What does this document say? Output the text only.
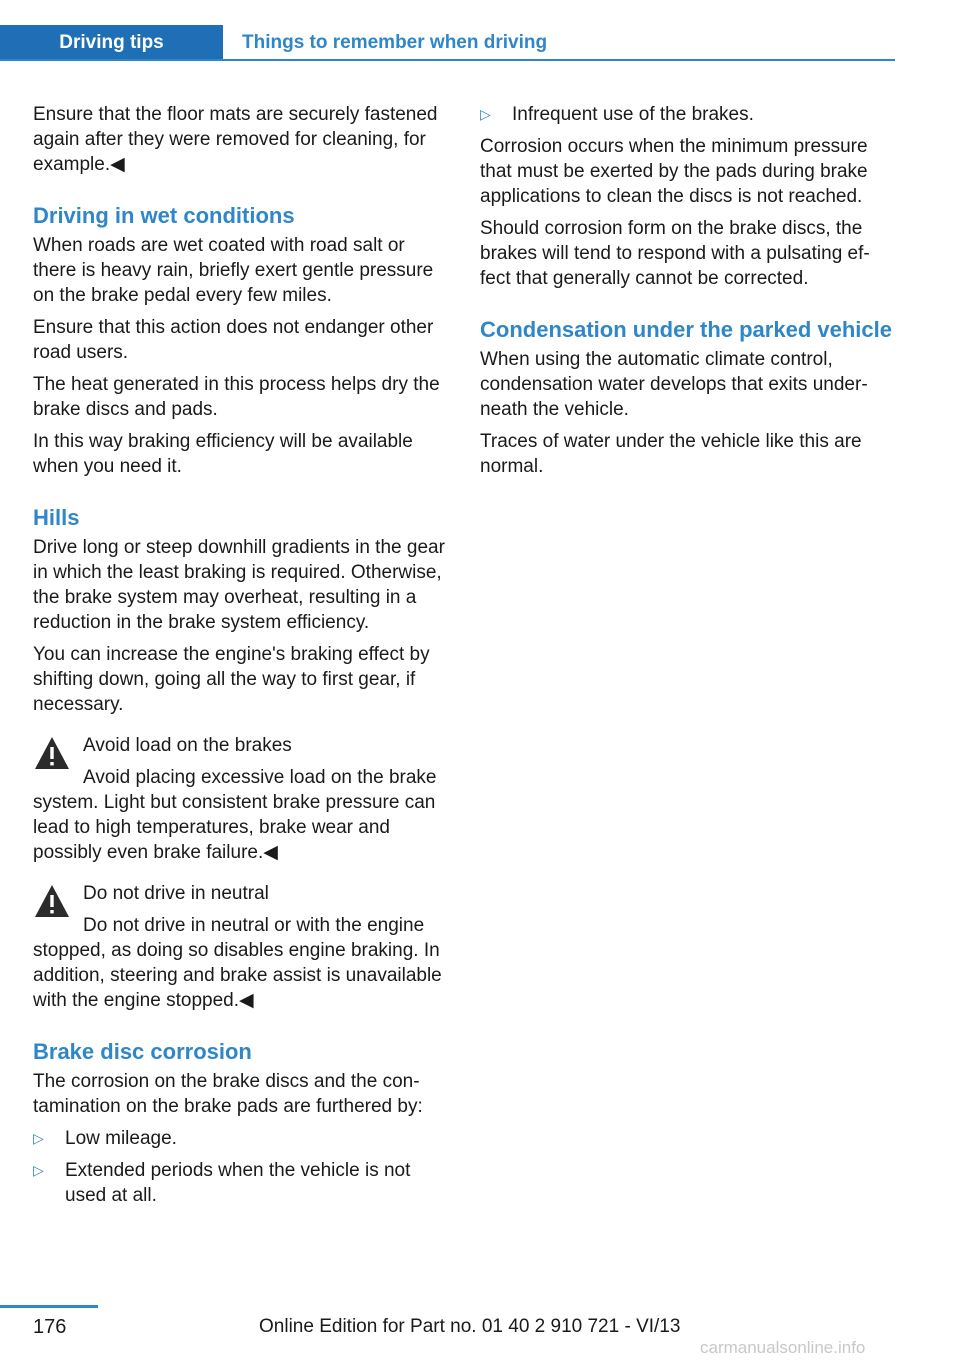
Driving tips	Things to remember when driving

Ensure that the floor mats are securely fastened again after they were removed for cleaning, for example.◀

Driving in wet conditions

When roads are wet coated with road salt or there is heavy rain, briefly exert gentle pressure on the brake pedal every few miles.

Ensure that this action does not endanger other road users.

The heat generated in this process helps dry the brake discs and pads.

In this way braking efficiency will be available when you need it.

Hills

Drive long or steep downhill gradients in the gear in which the least braking is required. Otherwise, the brake system may overheat, resulting in a reduction in the brake system efficiency.

You can increase the engine's braking effect by shifting down, going all the way to first gear, if necessary.

Avoid load on the brakes

Avoid placing excessive load on the brake system. Light but consistent brake pressure can lead to high temperatures, brake wear and possibly even brake failure.◀

Do not drive in neutral

Do not drive in neutral or with the engine stopped, as doing so disables engine braking. In addition, steering and brake assist is unavailable with the engine stopped.◀

Brake disc corrosion

The corrosion on the brake discs and the contamination on the brake pads are furthered by:

▷ Low mileage.
▷ Extended periods when the vehicle is not used at all.
▷ Infrequent use of the brakes.

Corrosion occurs when the minimum pressure that must be exerted by the pads during brake applications to clean the discs is not reached.

Should corrosion form on the brake discs, the brakes will tend to respond with a pulsating effect that generally cannot be corrected.

Condensation under the parked vehicle

When using the automatic climate control, condensation water develops that exits underneath the vehicle.

Traces of water under the vehicle like this are normal.

176	Online Edition for Part no. 01 40 2 910 721 - VI/13
carmanualsonline.info
